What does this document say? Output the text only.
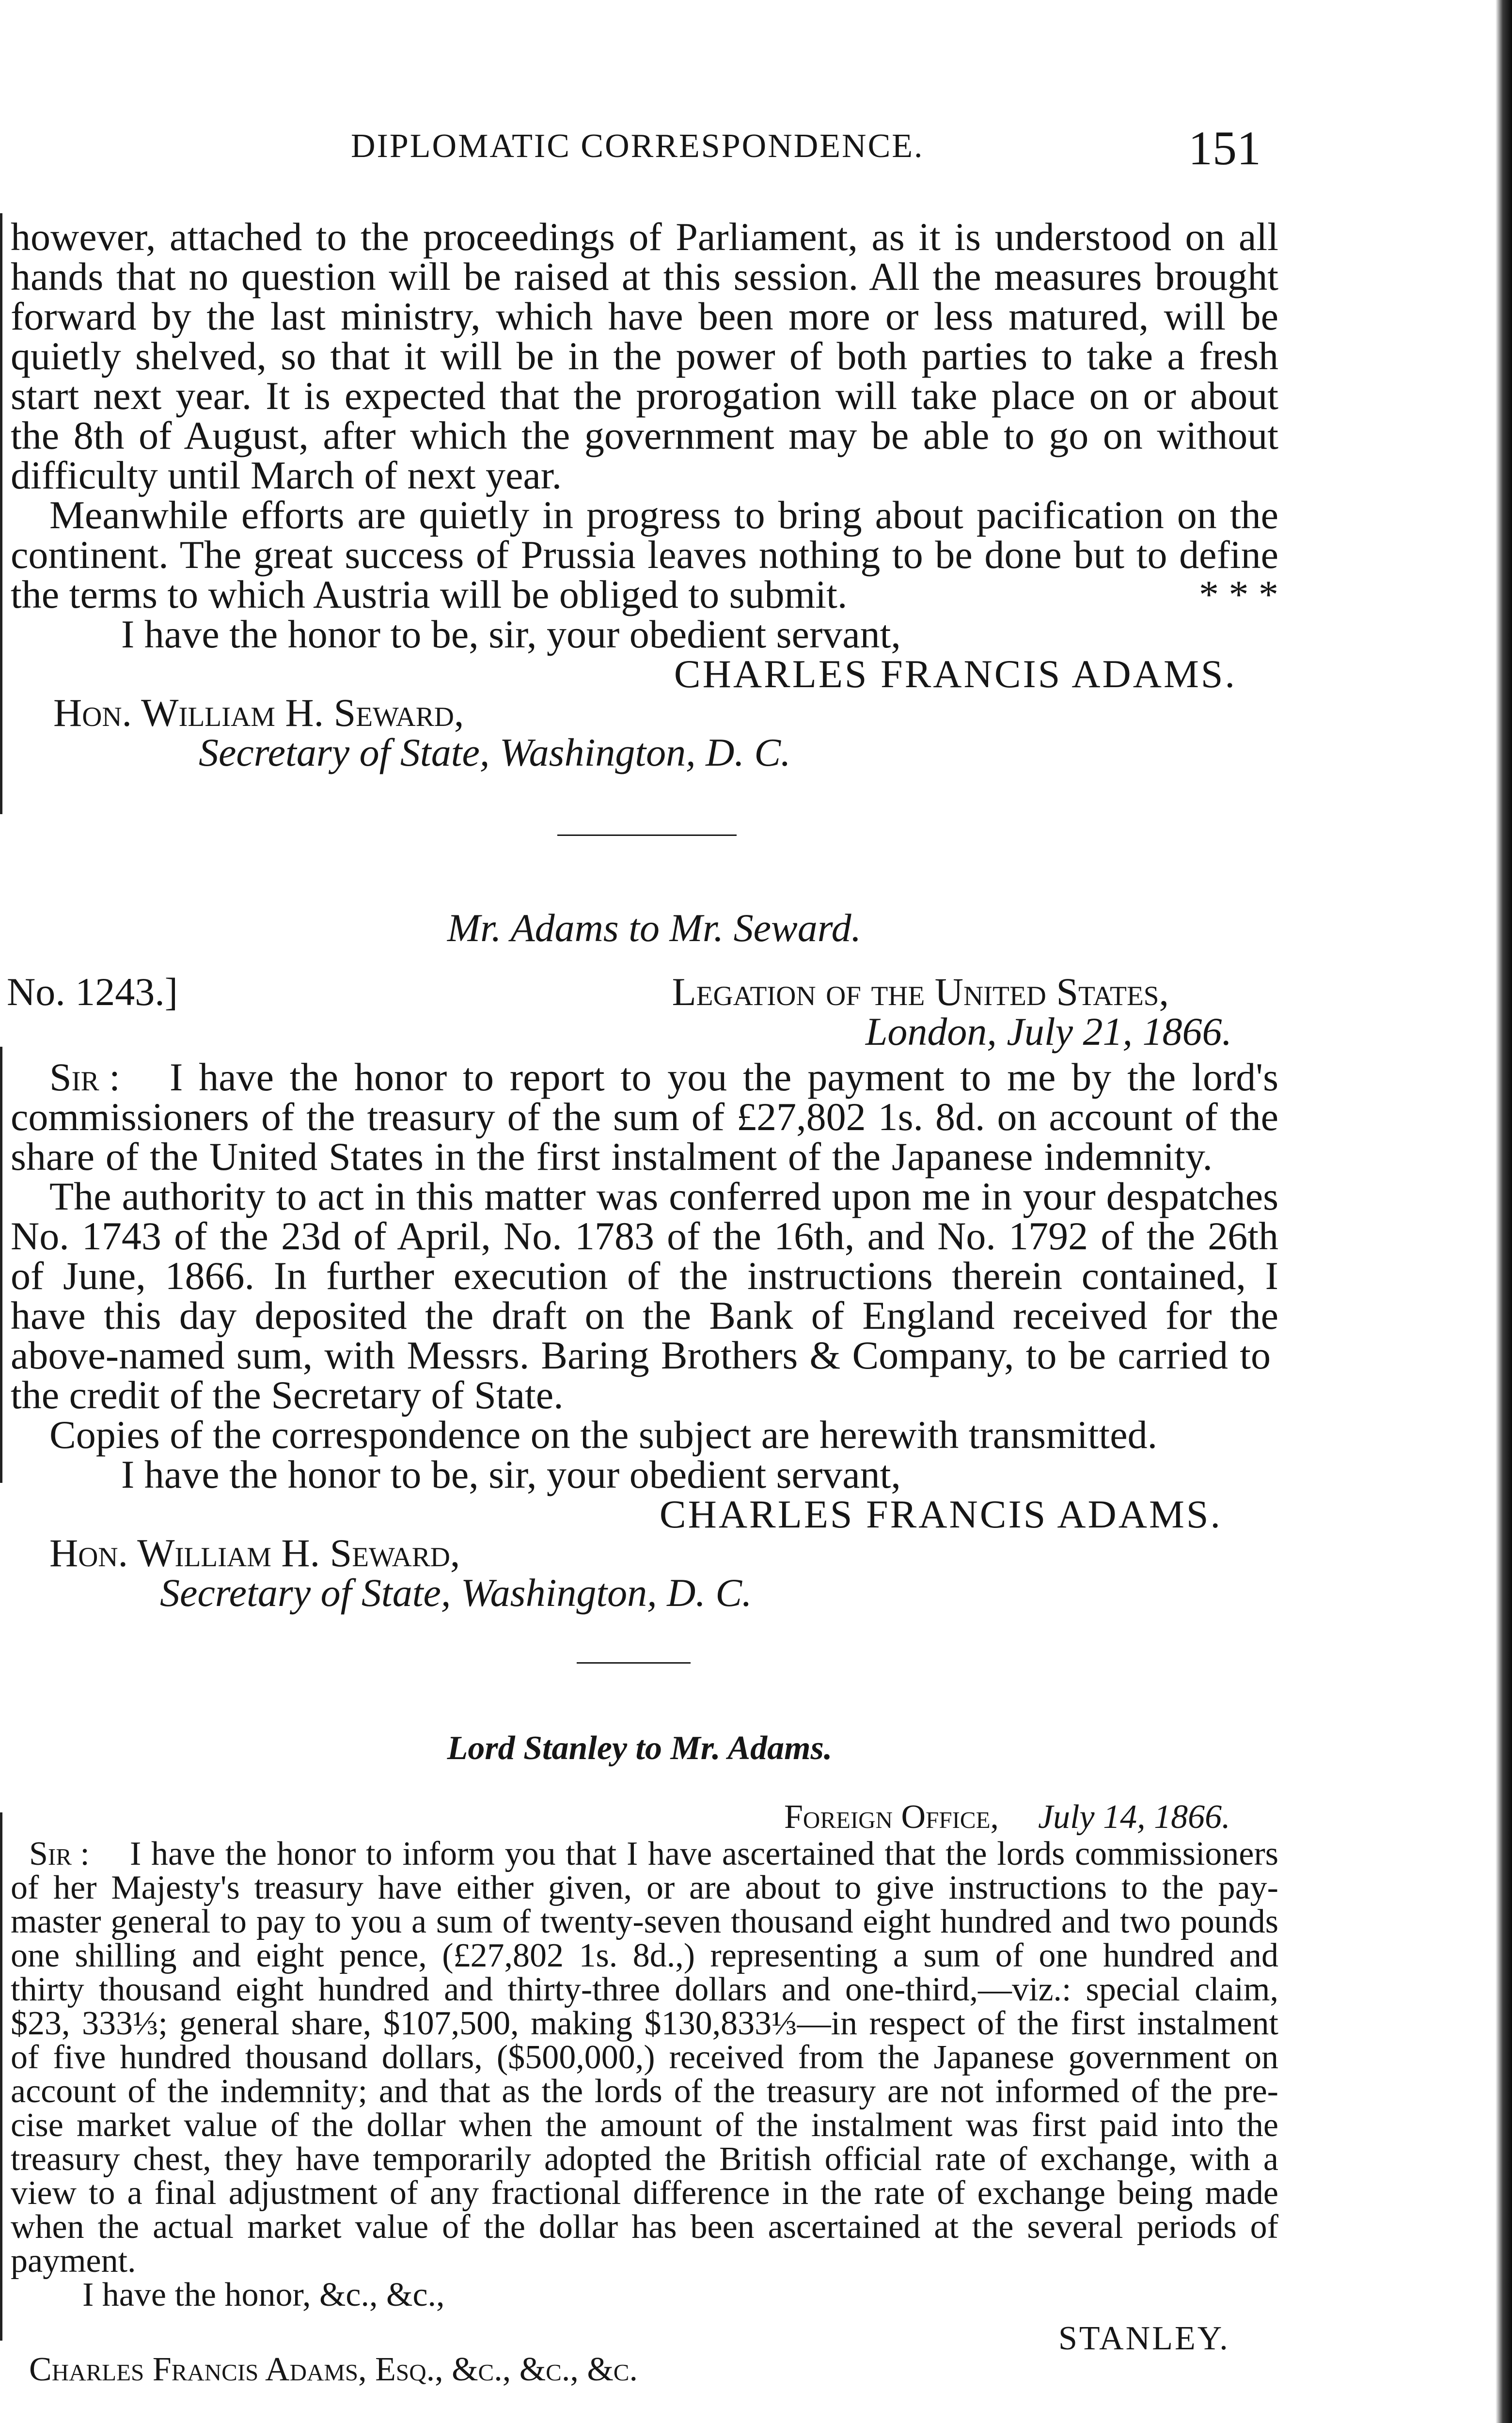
DIPLOMATIC CORRESPONDENCE.	151
however, attached to the proceedings of Parliament, as it is understood on all
hands that no question will be raised at this session. All the measures brought
forward by the last ministry, which have been more or less matured, will be
quietly shelved, so that it will be in the power of both parties to take a fresh
start next year. It is expected that the prorogation will take place on or about
the 8th of August, after which the government may be able to go on without
difficulty until March of next year.
Meanwhile efforts are quietly in progress to bring about pacification on the
continent. The great success of Prussia leaves nothing to be done but to define
the terms to which Austria will be obliged to submit.	* * *
I have the honor to be, sir, your obedient servant,
CHARLES FRANCIS ADAMS.
Hon. William H. Seward,
Secretary of State, Washington, D. C.
Mr. Adams to Mr. Seward.
No. 1243.]	Legation of the United States,
London, July 21, 1866.
Sir :	I have the honor to report to you the payment to me by the lord's
commissioners of the treasury of the sum of £27,802 1s. 8d. on account of the
share of the United States in the first instalment of the Japanese indemnity.
The authority to act in this matter was conferred upon me in your despatches
No. 1743 of the 23d of April, No. 1783 of the 16th, and No. 1792 of the 26th
of June, 1866. In further execution of the instructions therein contained, I
have this day deposited the draft on the Bank of England received for the
above-named sum, with Messrs. Baring Brothers & Company, to be carried to
the credit of the Secretary of State.
Copies of the correspondence on the subject are herewith transmitted.
I have the honor to be, sir, your obedient servant,
CHARLES FRANCIS ADAMS.
Hon. William H. Seward,
Secretary of State, Washington, D. C.
Lord Stanley to Mr. Adams.
Foreign Office,	July 14, 1866.
Sir :	I have the honor to inform you that I have ascertained that the lords commissioners
of her Majesty's treasury have either given, or are about to give instructions to the pay-
master general to pay to you a sum of twenty-seven thousand eight hundred and two pounds
one shilling and eight pence, (£27,802 1s. 8d.,) representing a sum of one hundred and
thirty thousand eight hundred and thirty-three dollars and one-third,—viz.: special claim,
$23, 333⅓; general share, $107,500, making $130,833⅓—in respect of the first instalment
of five hundred thousand dollars, ($500,000,) received from the Japanese government on
account of the indemnity; and that as the lords of the treasury are not informed of the pre-
cise market value of the dollar when the amount of the instalment was first paid into the
treasury chest, they have temporarily adopted the British official rate of exchange, with a
view to a final adjustment of any fractional difference in the rate of exchange being made
when the actual market value of the dollar has been ascertained at the several periods of
payment.
I have the honor, &c., &c.,
STANLEY.
Charles Francis Adams, Esq., &c., &c., &c.
